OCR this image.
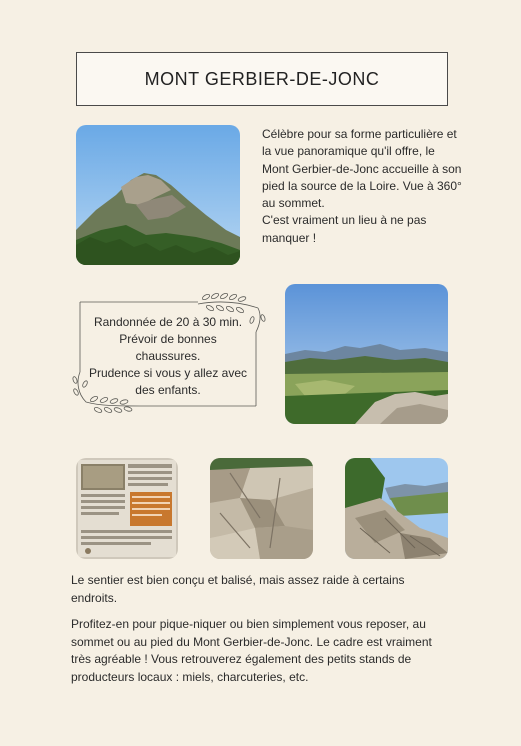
MONT GERBIER-DE-JONC

Célèbre pour sa forme particulière et la vue panoramique qu'il offre, le Mont Gerbier-de-Jonc accueille à son pied la source de la Loire. Vue à 360° au sommet.

C'est vraiment un lieu à ne pas manquer !

Randonnée de 20 à 30 min.
Prévoir de bonnes chaussures.
Prudence si vous y allez avec des enfants.

Le sentier est bien conçu et balisé, mais assez raide à certains endroits.

Profitez-en pour pique-niquer ou bien simplement vous reposer, au sommet ou au pied du Mont Gerbier-de-Jonc. Le cadre est vraiment très agréable ! Vous retrouverez également des petits stands de producteurs locaux : miels, charcuteries, etc.
